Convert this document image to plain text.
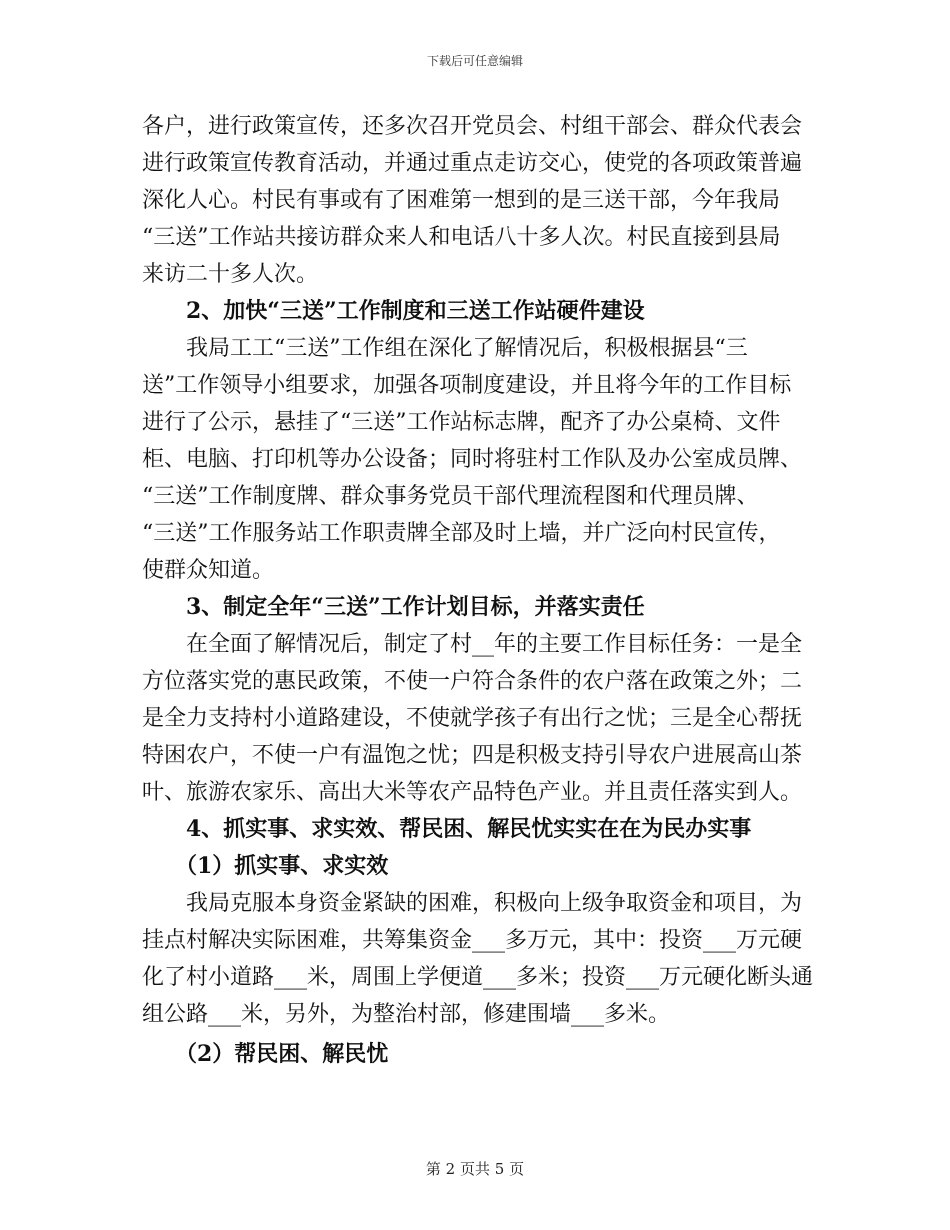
下载后可任意编辑
各户，进行政策宣传，还多次召开党员会、村组干部会、群众代表会
进行政策宣传教育活动，并通过重点走访交心，使党的各项政策普遍
深化人心。村民有事或有了困难第一想到的是三送干部，今年我局
“三送”工作站共接访群众来人和电话八十多人次。村民直接到县局
来访二十多人次。
2、加快“三送”工作制度和三送工作站硬件建设
我局工工“三送”工作组在深化了解情况后，积极根据县“三
送”工作领导小组要求，加强各项制度建设，并且将今年的工作目标
进行了公示，悬挂了“三送”工作站标志牌，配齐了办公桌椅、文件
柜、电脑、打印机等办公设备；同时将驻村工作队及办公室成员牌、
“三送”工作制度牌、群众事务党员干部代理流程图和代理员牌、
“三送”工作服务站工作职责牌全部及时上墙，并广泛向村民宣传，
使群众知道。
3、制定全年“三送”工作计划目标，并落实责任
在全面了解情况后，制定了村__年的主要工作目标任务：一是全
方位落实党的惠民政策，不使一户符合条件的农户落在政策之外；二
是全力支持村小道路建设，不使就学孩子有出行之忧；三是全心帮抚
特困农户，不使一户有温饱之忧；四是积极支持引导农户进展高山茶
叶、旅游农家乐、高出大米等农产品特色产业。并且责任落实到人。
4、抓实事、求实效、帮民困、解民忧实实在在为民办实事
（1）抓实事、求实效
我局克服本身资金紧缺的困难，积极向上级争取资金和项目，为
挂点村解决实际困难，共筹集资金___多万元，其中：投资___万元硬
化了村小道路___米，周围上学便道___多米；投资___万元硬化断头通
组公路___米，另外，为整治村部，修建围墙___多米。
（2）帮民困、解民忧
第 2 页共 5 页
